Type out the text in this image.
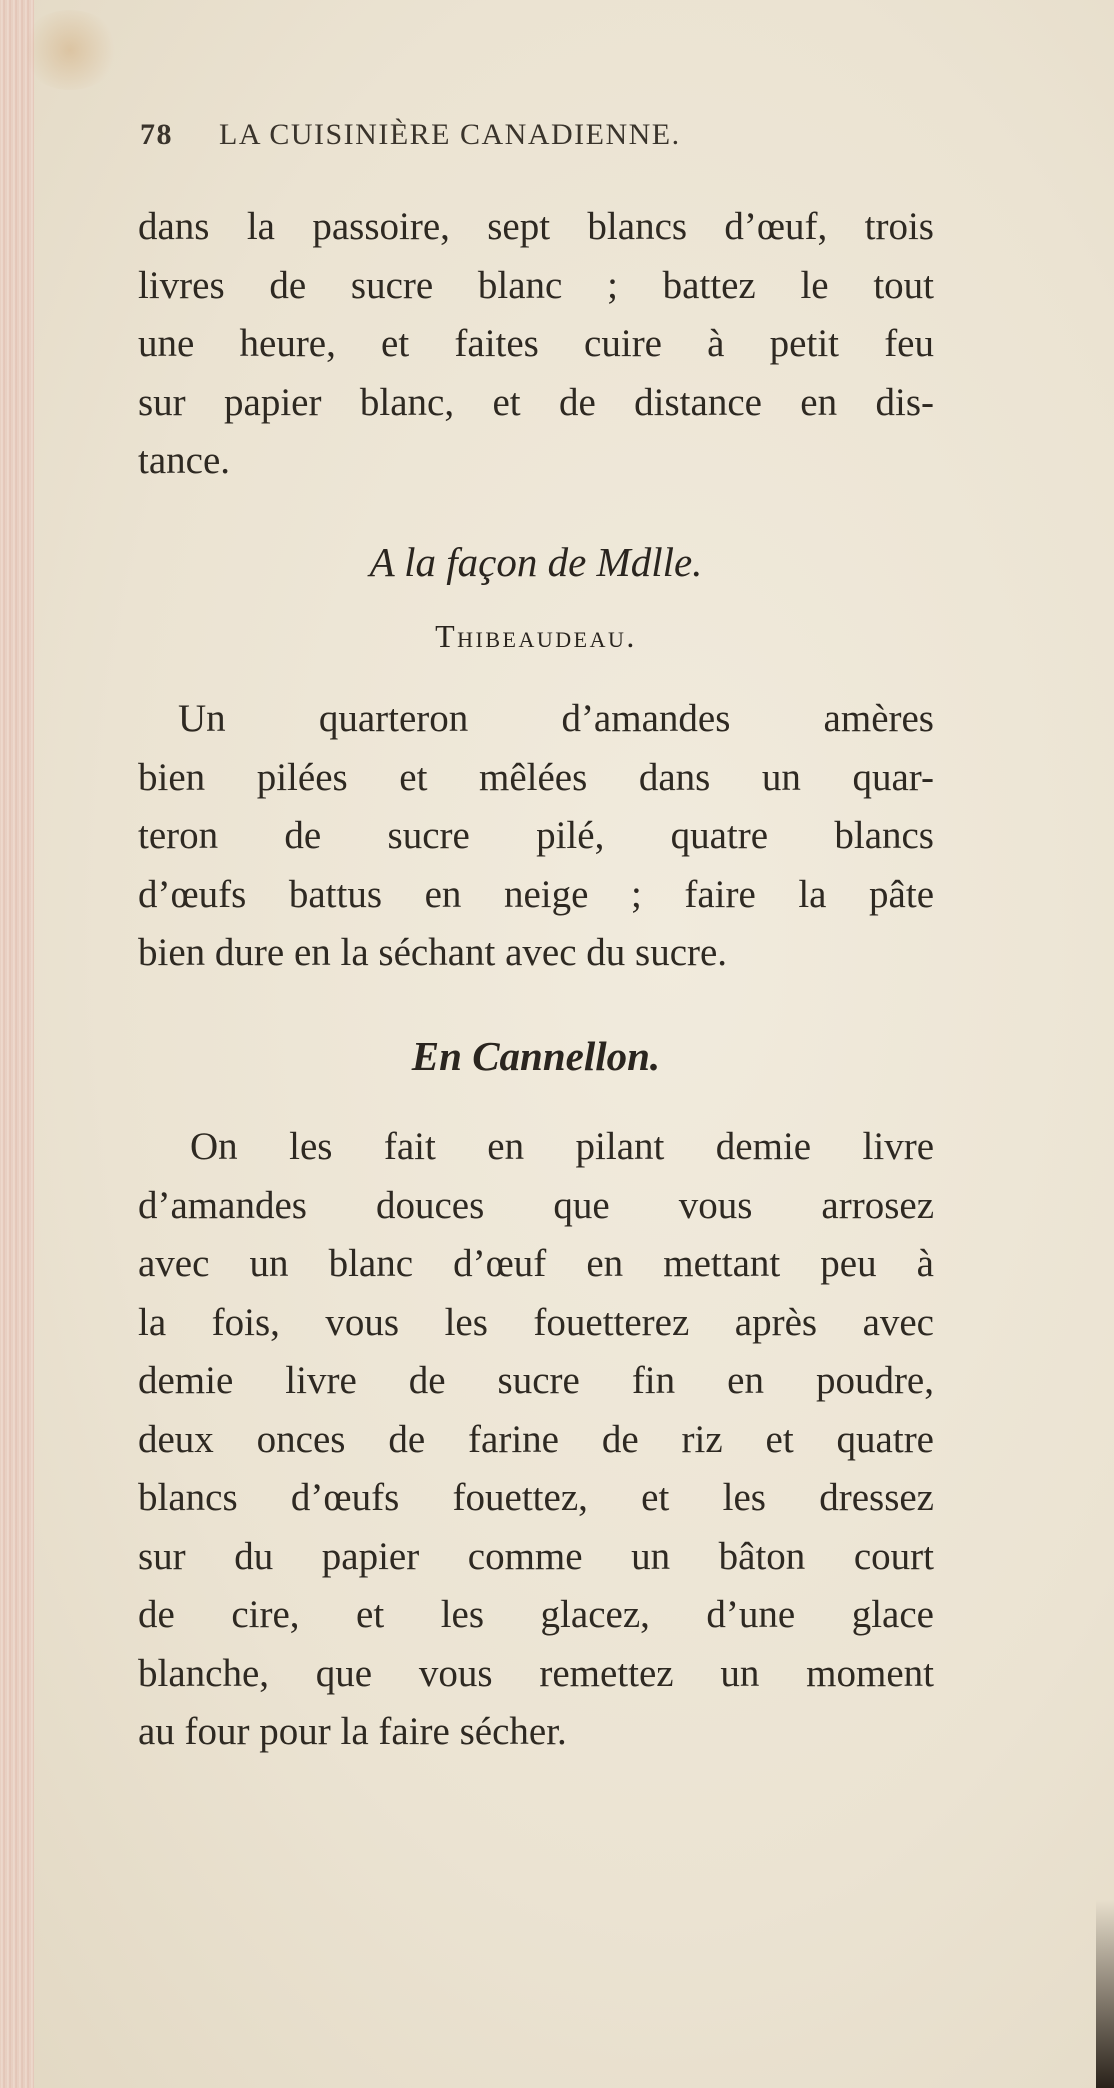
78 LA CUISINIÈRE CANADIENNE.
dans la passoire, sept blancs d’œuf, trois
livres de sucre blanc ; battez le tout
une heure, et faites cuire à petit feu
sur papier blanc, et de distance en dis-
tance.
A la façon de Mdlle.
Thibeaudeau.
Un quarteron d’amandes amères
bien pilées et mêlées dans un quar-
teron de sucre pilé, quatre blancs
d’œufs battus en neige ; faire la pâte
bien dure en la séchant avec du sucre.
En Cannellon.
On les fait en pilant demie livre
d’amandes douces que vous arrosez
avec un blanc d’œuf en mettant peu à
la fois, vous les fouetterez après avec
demie livre de sucre fin en poudre,
deux onces de farine de riz et quatre
blancs d’œufs fouettez, et les dressez
sur du papier comme un bâton court
de cire, et les glacez, d’une glace
blanche, que vous remettez un moment
au four pour la faire sécher.
